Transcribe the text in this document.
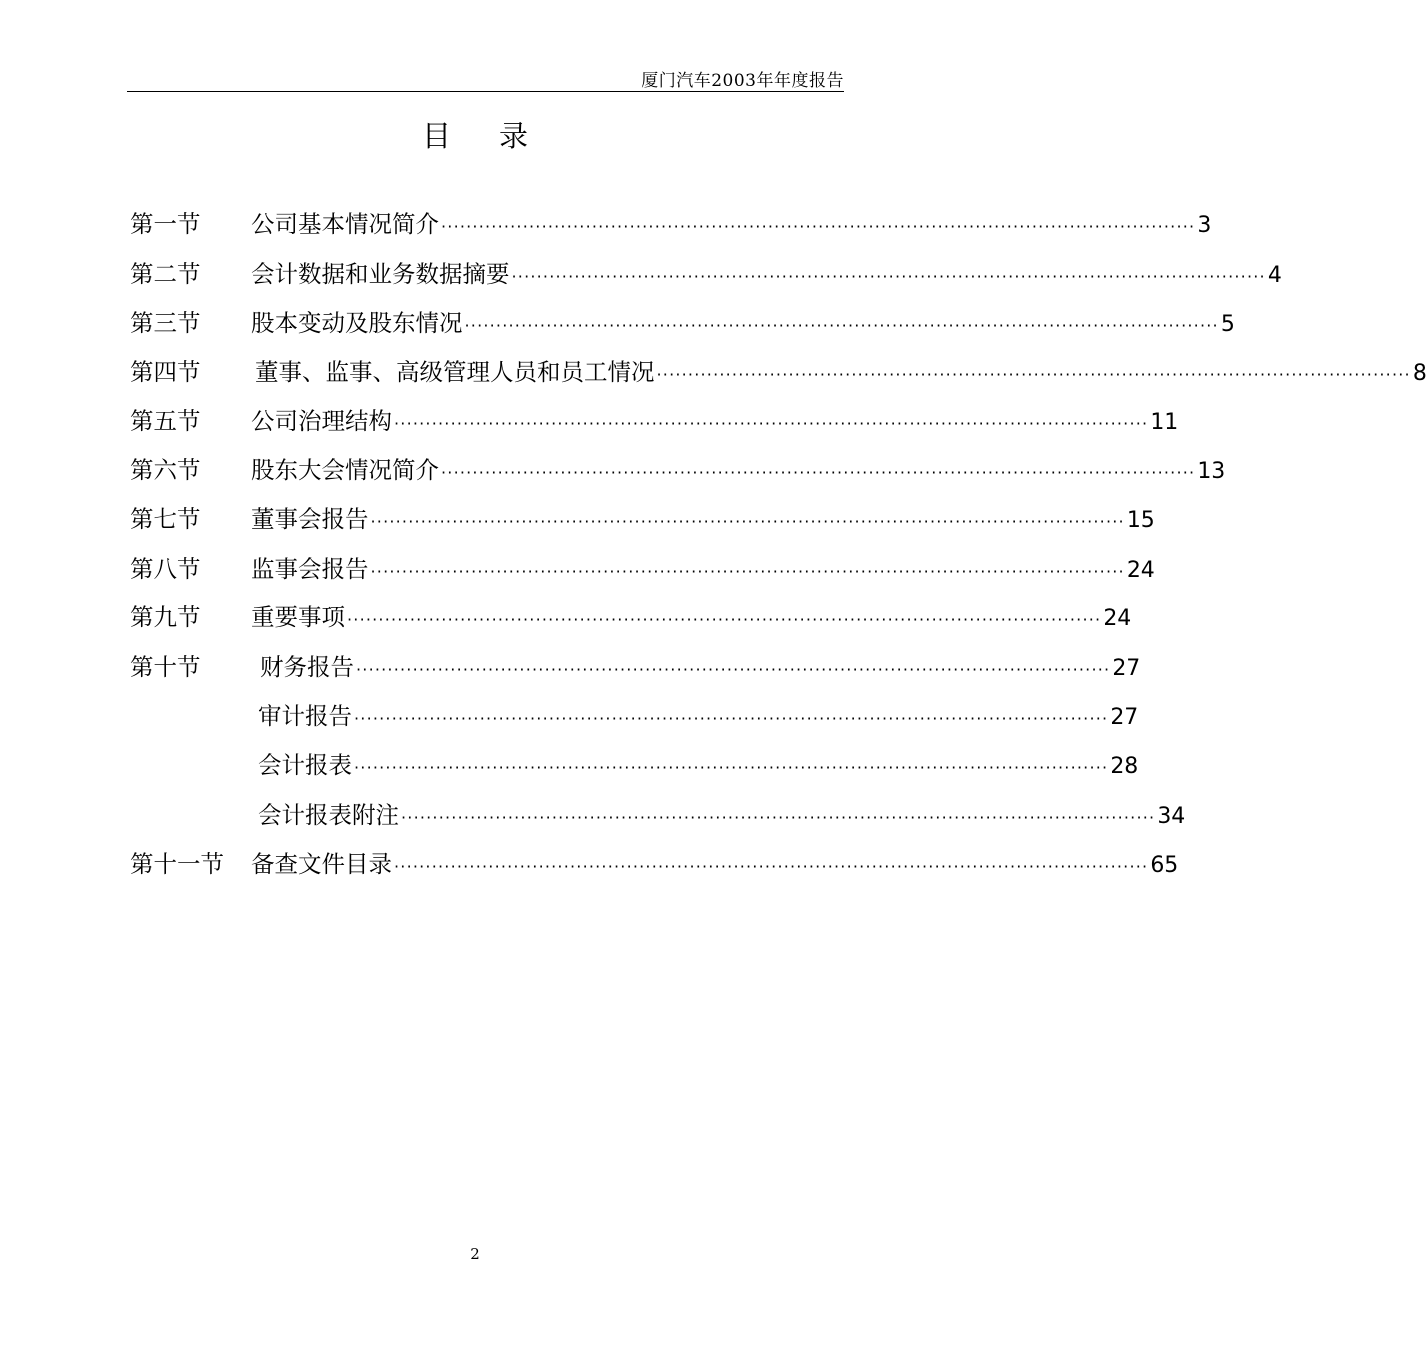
厦门汽车2003年年度报告
目录
第一节 公司基本情况简介 ························································································································ 3
第二节 会计数据和业务数据摘要 ························································································································ 4
第三节 股本变动及股东情况 ························································································································ 5
第四节 董事、监事、高级管理人员和员工情况 ························································································································ 8
第五节 公司治理结构 ························································································································ 11
第六节 股东大会情况简介 ························································································································ 13
第七节 董事会报告 ························································································································ 15
第八节 监事会报告 ························································································································ 24
第九节 重要事项 ························································································································ 24
第十节	财务报告 ························································································································ 27
审计报告 ························································································································ 27
会计报表 ························································································································ 28
会计报表附注 ························································································································ 34
第十一节 备查文件目录 ························································································································ 65
2
